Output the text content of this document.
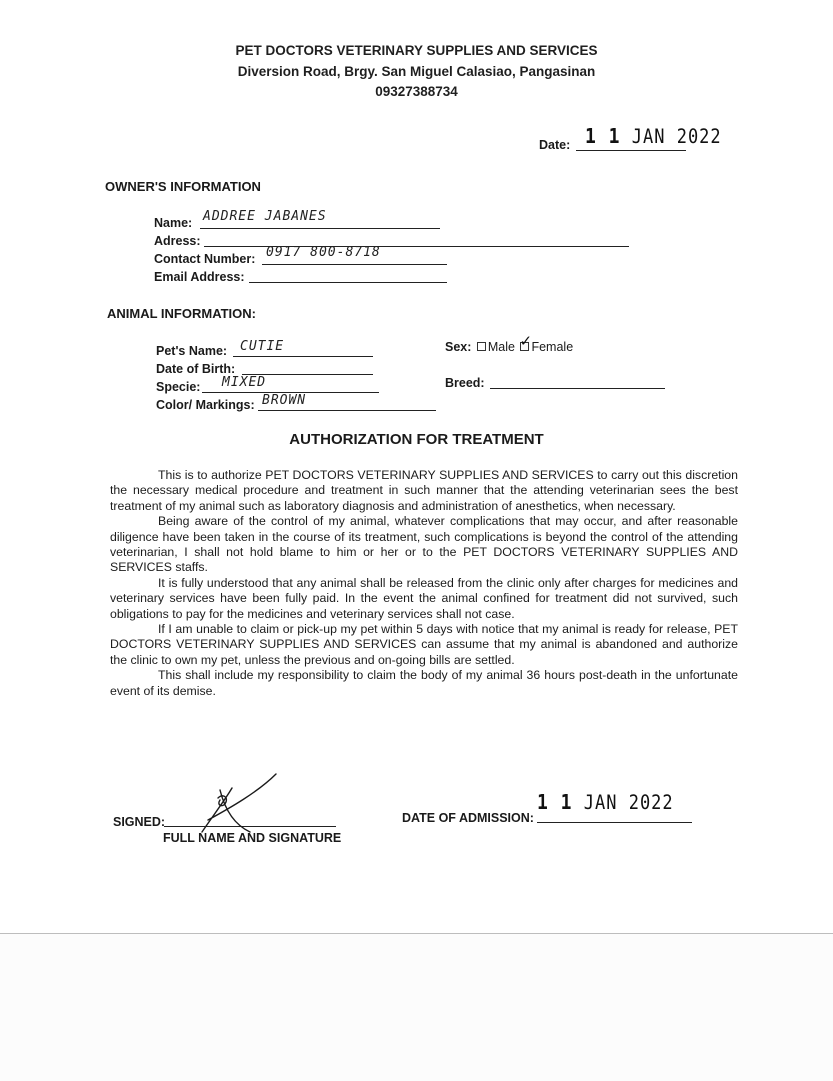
PET DOCTORS VETERINARY SUPPLIES AND SERVICES
Diversion Road, Brgy. San Miguel Calasiao, Pangasinan
09327388734
Date: 1 1 JAN 2022
OWNER'S INFORMATION
Name: ADDREE JABANES
Adress:
Contact Number: 0917 800-8718
Email Address:
ANIMAL INFORMATION:
Pet's Name: CUTIE
Date of Birth:
Specie: MIXED
Color/ Markings: BROWN
Sex: Male ✓ Female
Breed:
AUTHORIZATION FOR TREATMENT

This is to authorize PET DOCTORS VETERINARY SUPPLIES AND SERVICES to carry out this discretion the necessary medical procedure and treatment in such manner that the attending veterinarian sees the best treatment of my animal such as laboratory diagnosis and administration of anesthetics, when necessary.

Being aware of the control of my animal, whatever complications that may occur, and after reasonable diligence have been taken in the course of its treatment, such complications is beyond the control of the attending veterinarian, I shall not hold blame to him or her or to the PET DOCTORS VETERINARY SUPPLIES AND SERVICES staffs.

It is fully understood that any animal shall be released from the clinic only after charges for medicines and veterinary services have been fully paid. In the event the animal confined for treatment did not survived, such obligations to pay for the medicines and veterinary services shall not case.

If I am unable to claim or pick-up my pet within 5 days with notice that my animal is ready for release, PET DOCTORS VETERINARY SUPPLIES AND SERVICES can assume that my animal is abandoned and authorize the clinic to own my pet, unless the previous and on-going bills are settled.

This shall include my responsibility to claim the body of my animal 36 hours post-death in the unfortunate event of its demise.

SIGNED:
FULL NAME AND SIGNATURE
DATE OF ADMISSION:
1 1 JAN 2022
